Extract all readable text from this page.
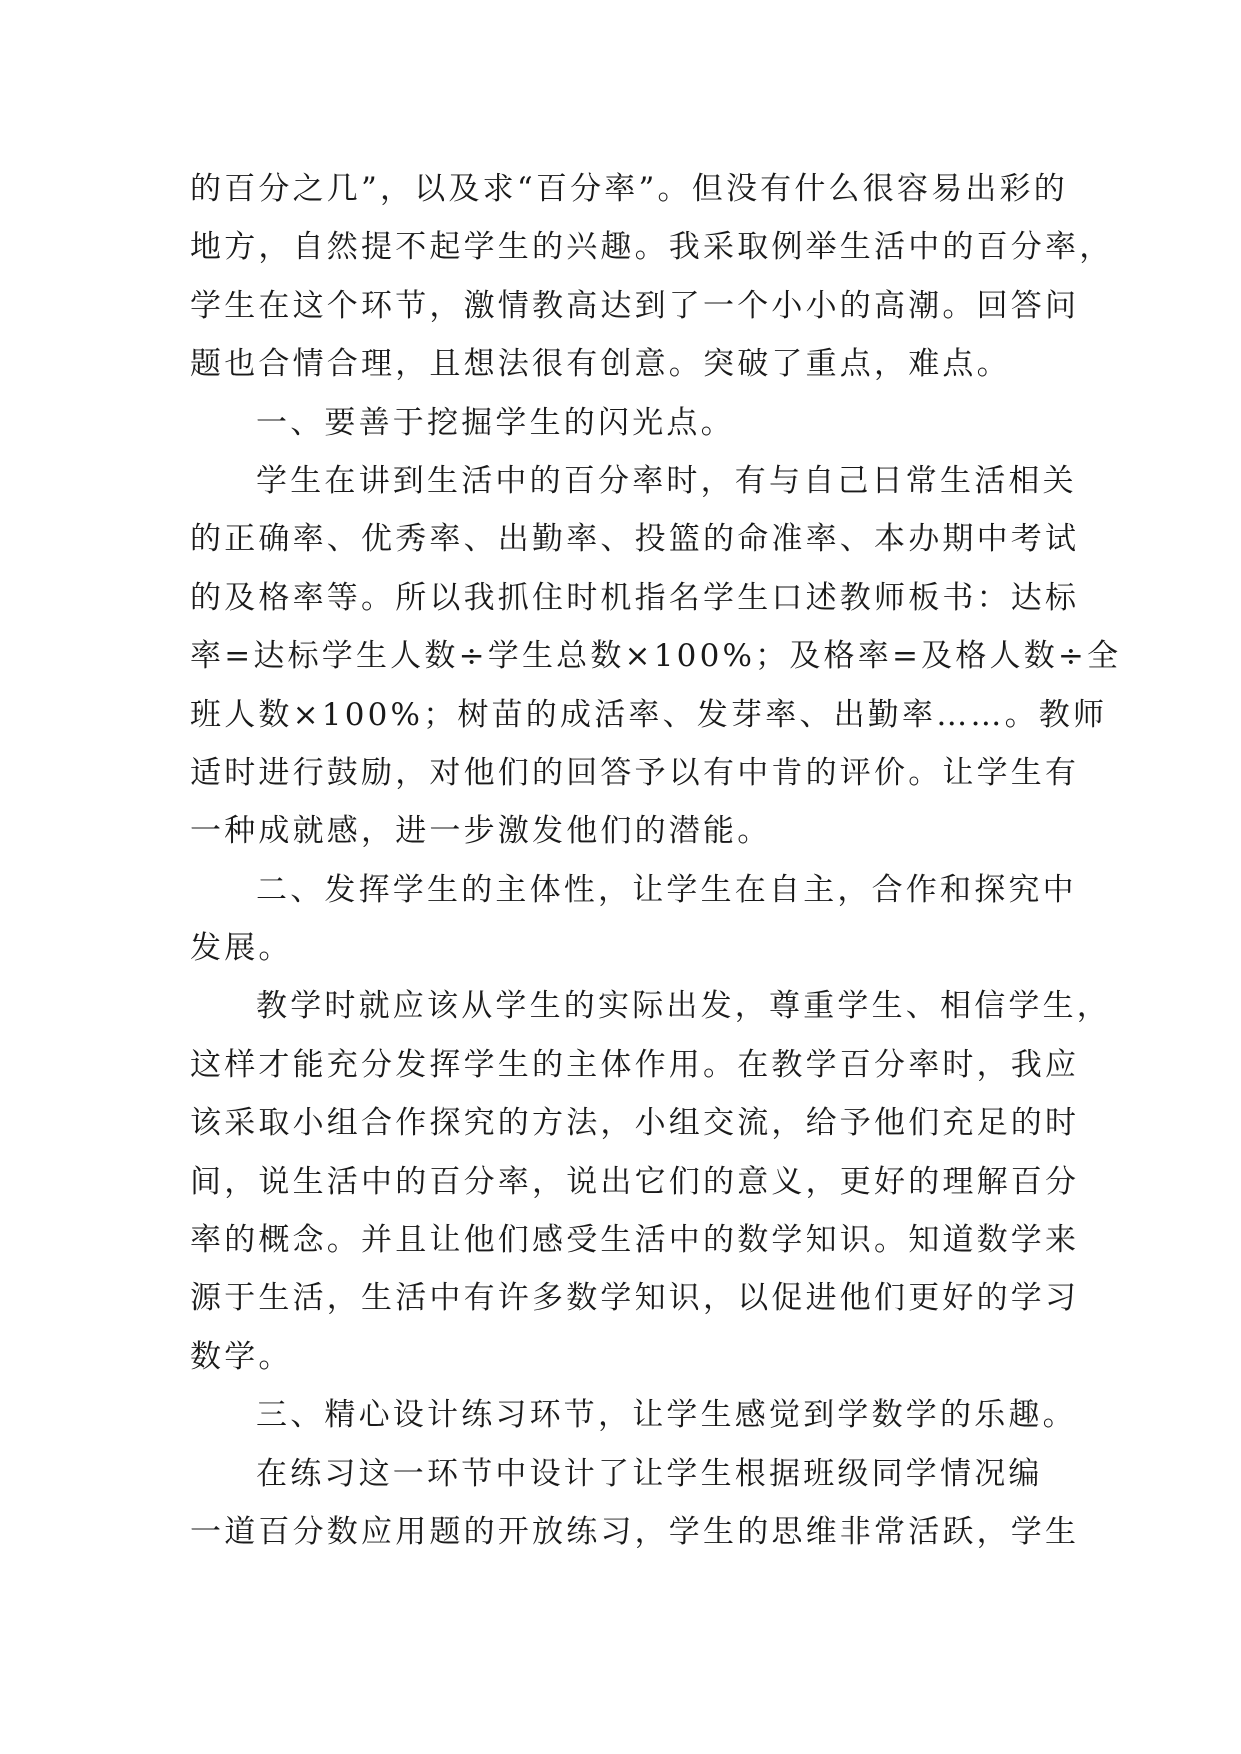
的百分之几”，以及求“百分率”。但没有什么很容易出彩的
地方，自然提不起学生的兴趣。我采取例举生活中的百分率，
学生在这个环节，激情教高达到了一个小小的高潮。回答问
题也合情合理，且想法很有创意。突破了重点，难点。
一、要善于挖掘学生的闪光点。
学生在讲到生活中的百分率时，有与自己日常生活相关
的正确率、优秀率、出勤率、投篮的命准率、本办期中考试
的及格率等。所以我抓住时机指名学生口述教师板书：达标
率=达标学生人数÷学生总数×100%；及格率=及格人数÷全
班人数×100%；树苗的成活率、发芽率、出勤率……。教师
适时进行鼓励，对他们的回答予以有中肯的评价。让学生有
一种成就感，进一步激发他们的潜能。
二、发挥学生的主体性，让学生在自主，合作和探究中
发展。
教学时就应该从学生的实际出发，尊重学生、相信学生，
这样才能充分发挥学生的主体作用。在教学百分率时，我应
该采取小组合作探究的方法，小组交流，给予他们充足的时
间，说生活中的百分率，说出它们的意义，更好的理解百分
率的概念。并且让他们感受生活中的数学知识。知道数学来
源于生活，生活中有许多数学知识，以促进他们更好的学习
数学。
三、精心设计练习环节，让学生感觉到学数学的乐趣。
在练习这一环节中设计了让学生根据班级同学情况编
一道百分数应用题的开放练习，学生的思维非常活跃，学生
